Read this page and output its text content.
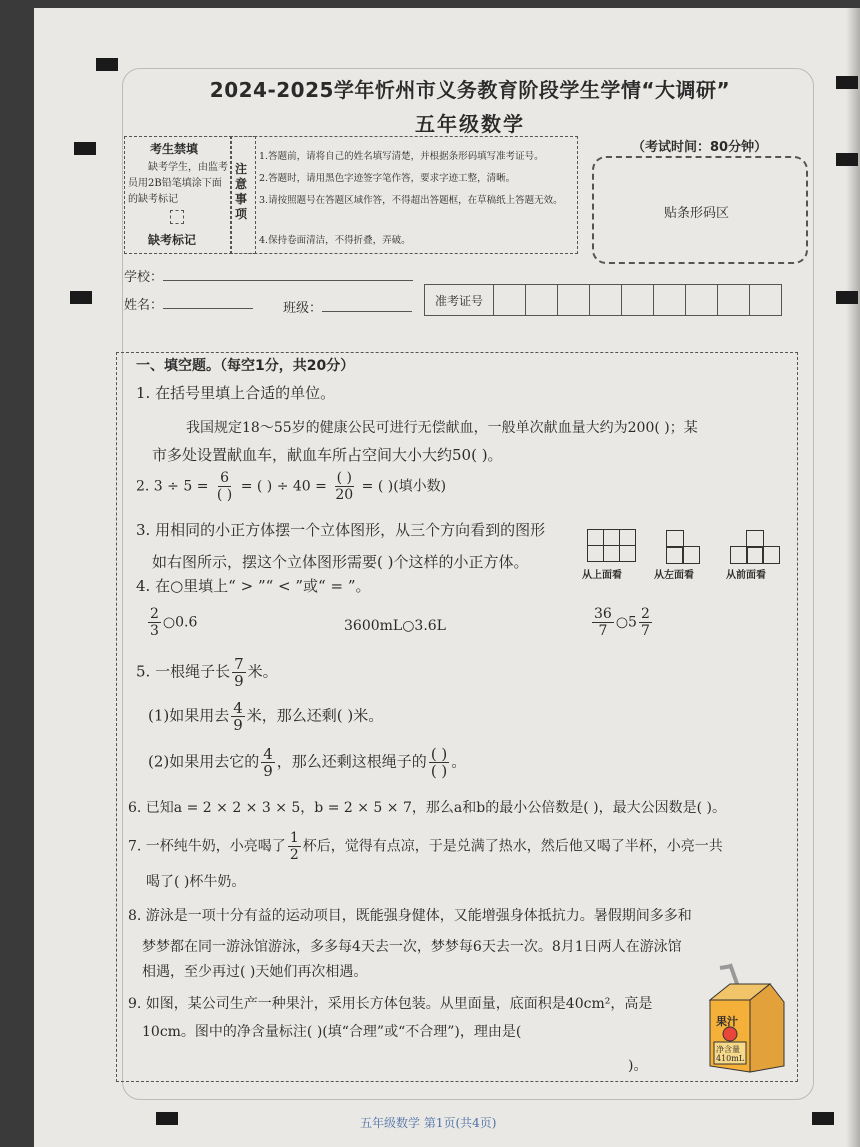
2024-2025学年忻州市义务教育阶段学生学情“大调研”
五年级数学
（考试时间：80分钟）
考生禁填
缺考学生，由监考员用2B铅笔填涂下面的缺考标记
缺考标记
注意事项
1.答题前，请将自己的姓名填写清楚，并根据条形码填写准考证号。
2.答题时，请用黑色字迹签字笔作答，要求字迹工整，清晰。
3.请按照题号在答题区域作答，不得超出答题框，在草稿纸上答题无效。
4.保持卷面清洁，不得折叠，弄破。
贴条形码区
学校：
姓名：	班级：
准考证号									
一、填空题。（每空1分，共20分）
1. 在括号里填上合适的单位。
我国规定18～55岁的健康公民可进行无偿献血，一般单次献血量大约为200( )；某
市多处设置献血车，献血车所占空间大小大约50( )。
2. $3 \div 5 = \frac{6}{( )}$ = ( ) ÷ $40 = \frac{( )}{20}$ = ( )(填小数)
3. 用相同的小正方体摆一个立体图形，从三个方向看到的图形
如右图所示，摆这个立体图形需要( )个这样的小正方体。
从上面看	从左面看	从前面看
4. 在○里填上“ > ”“ < ”或“ = ”。
$\frac{2}{3}$ ○0.6	3600mL○3.6L	$\frac{36}{7}$ ○5 $\frac{2}{7}$
5. 一根绳子长 $\frac{7}{9}$ 米。
(1)如果用去 $\frac{4}{9}$ 米，那么还剩( )米。
(2)如果用去它的 $\frac{4}{9}$ ，那么还剩这根绳子的 $\frac{( )}{( )}$ 。
6. 已知a = 2 × 2 × 3 × 5，b = 2 × 5 × 7，那么a和b的最小公倍数是( )，最大公因数是( )。
7. 一杯纯牛奶，小亮喝了 $\frac{1}{2}$ 杯后，觉得有点凉，于是兑满了热水，然后他又喝了半杯，小亮一共
喝了( )杯牛奶。
8. 游泳是一项十分有益的运动项目，既能强身健体，又能增强身体抵抗力。暑假期间多多和
梦梦都在同一游泳馆游泳，多多每4天去一次，梦梦每6天去一次。8月1日两人在游泳馆
相遇，至少再过( )天她们再次相遇。
9. 如图，某公司生产一种果汁，采用长方体包装。从里面量，底面积是40cm²，高是
10cm。图中的净含量标注( )(填“合理”或“不合理”)，理由是(
)。
果汁
净含量
410mL
五年级数学 第1页(共4页)
